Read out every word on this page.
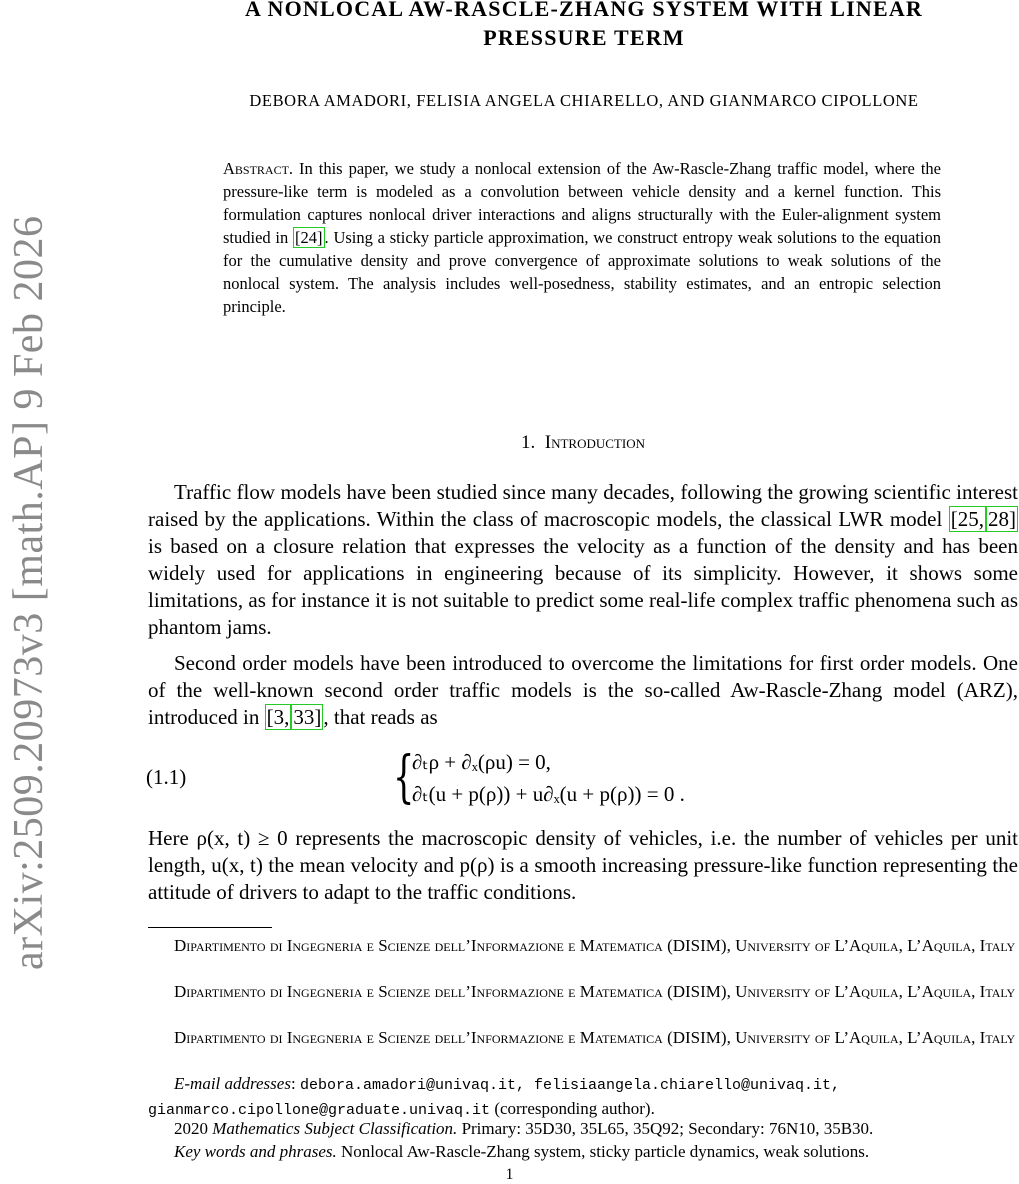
arXiv:2509.20973v3 [math.AP] 9 Feb 2026
A NONLOCAL AW-RASCLE-ZHANG SYSTEM WITH LINEAR
PRESSURE TERM
DEBORA AMADORI, FELISIA ANGELA CHIARELLO, AND GIANMARCO CIPOLLONE
Abstract. In this paper, we study a nonlocal extension of the Aw-Rascle-Zhang traffic model, where the pressure-like term is modeled as a convolution between vehicle density and a kernel function. This formulation captures nonlocal driver interactions and aligns structurally with the Euler-alignment system studied in [24] . Using a sticky particle approximation, we construct entropy weak solutions to the equation for the cumulative density and prove convergence of approximate solutions to weak solutions of the nonlocal system. The analysis includes well-posedness, stability estimates, and an entropic selection principle.
1. Introduction
Traffic flow models have been studied since many decades, following the growing scientific interest raised by the applications. Within the class of macroscopic models, the classical LWR model [25, 28] is based on a closure relation that expresses the velocity as a function of the density and has been widely used for applications in engineering because of its simplicity. However, it shows some limitations, as for instance it is not suitable to predict some real-life complex traffic phenomena such as phantom jams.
Second order models have been introduced to overcome the limitations for first order models. One of the well-known second order traffic models is the so-called Aw-Rascle-Zhang model (ARZ), introduced in [3, 33], that reads as
(1.1)	{
∂ₜρ + ∂ₓ(ρu) = 0,
∂ₜ(u + p(ρ)) + u∂ₓ(u + p(ρ)) = 0 .
Here ρ(x, t) ≥ 0 represents the macroscopic density of vehicles, i.e. the number of vehicles per unit length, u(x, t) the mean velocity and p(ρ) is a smooth increasing pressure-like function representing the attitude of drivers to adapt to the traffic conditions.
Dipartimento di Ingegneria e Scienze dell’Informazione e Matematica (DISIM), University of L’Aquila, L’Aquila, Italy
Dipartimento di Ingegneria e Scienze dell’Informazione e Matematica (DISIM), University of L’Aquila, L’Aquila, Italy
Dipartimento di Ingegneria e Scienze dell’Informazione e Matematica (DISIM), University of L’Aquila, L’Aquila, Italy
E-mail addresses: debora.amadori@univaq.it, felisiaangela.chiarello@univaq.it,
gianmarco.cipollone@graduate.univaq.it (corresponding author).
2020 Mathematics Subject Classification. Primary: 35D30, 35L65, 35Q92; Secondary: 76N10, 35B30.
Key words and phrases. Nonlocal Aw-Rascle-Zhang system, sticky particle dynamics, weak solutions.
1
